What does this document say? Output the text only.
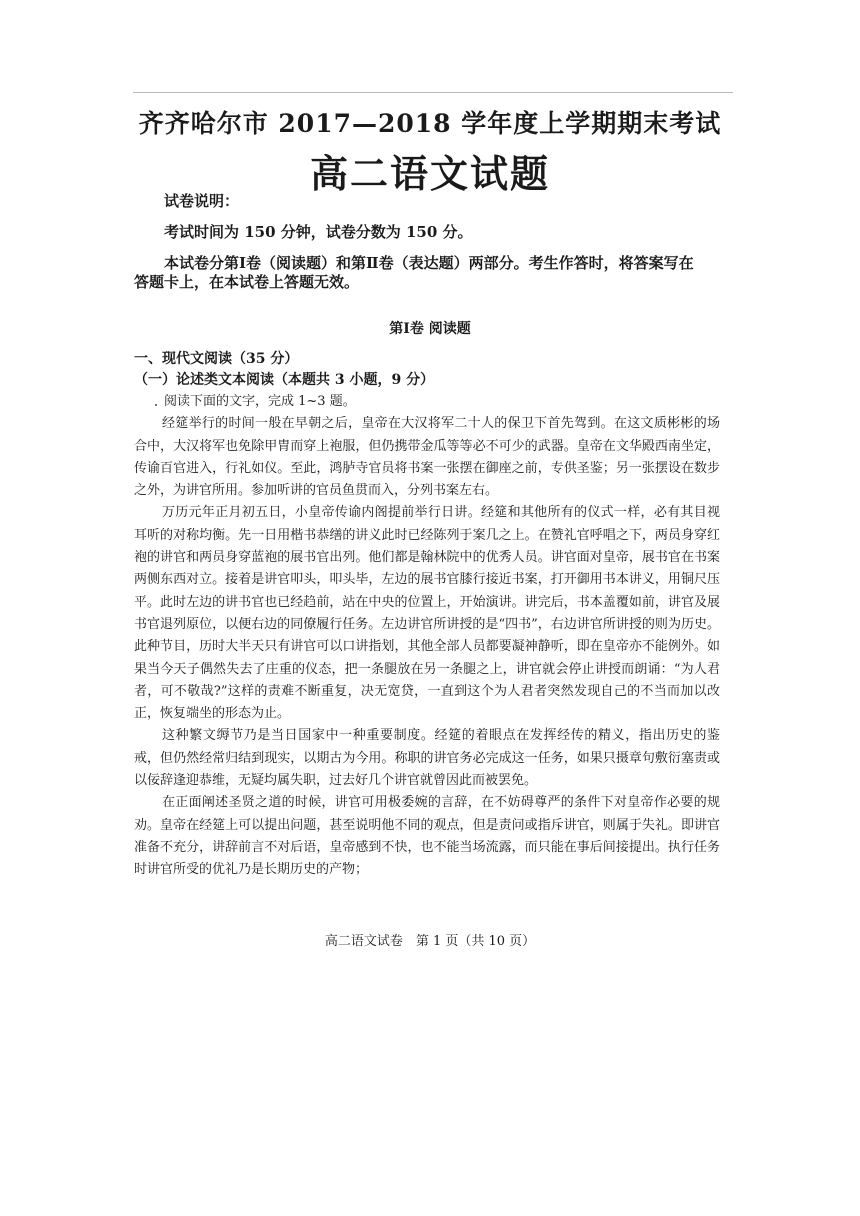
齐齐哈尔市 2017—2018 学年度上学期期末考试
高二语文试题

试卷说明：

考试时间为 150 分钟，试卷分数为 150 分。

本试卷分第Ⅰ卷（阅读题）和第Ⅱ卷（表达题）两部分。考生作答时，将答案写在

答题卡上，在本试卷上答题无效。

第Ⅰ卷 阅读题

一、现代文阅读（35 分）

（一）论述类文本阅读（本题共 3 小题，9 分）

阅读下面的文字，完成 1~3 题。

经筵举行的时间一般在早朝之后，皇帝在大汉将军二十人的保卫下首先驾到。在这文质彬彬的场合中，大汉将军也免除甲胄而穿上袍服，但仍携带金瓜等等必不可少的武器。皇帝在文华殿西南坐定，传谕百官进入，行礼如仪。至此，鸿胪寺官员将书案一张摆在御座之前，专供圣鉴；另一张摆设在数步之外，为讲官所用。参加听讲的官员鱼贯而入，分列书案左右。

万历元年正月初五日，小皇帝传谕内阁提前举行日讲。经筵和其他所有的仪式一样，必有其目视耳听的对称均衡。先一日用楷书恭缮的讲义此时已经陈列于案几之上。在赞礼官呼唱之下，两员身穿红袍的讲官和两员身穿蓝袍的展书官出列。他们都是翰林院中的优秀人员。讲官面对皇帝，展书官在书案两侧东西对立。接着是讲官叩头，叩头毕，左边的展书官膝行接近书案，打开御用书本讲义，用铜尺压平。此时左边的讲书官也已经趋前，站在中央的位置上，开始演讲。讲完后，书本盖覆如前，讲官及展书官退列原位，以便右边的同僚履行任务。左边讲官所讲授的是“四书”，右边讲官所讲授的则为历史。此种节目，历时大半天只有讲官可以口讲指划，其他全部人员都要凝神静听，即在皇帝亦不能例外。如果当今天子偶然失去了庄重的仪态，把一条腿放在另一条腿之上，讲官就会停止讲授而朗诵：“为人君者，可不敬哉?”这样的责难不断重复，决无宽贷，一直到这个为人君者突然发现自己的不当而加以改正，恢复端坐的形态为止。

这种繁文缛节乃是当日国家中一种重要制度。经筵的着眼点在发挥经传的精义，指出历史的鉴戒，但仍然经常归结到现实，以期古为今用。称职的讲官务必完成这一任务，如果只摄章句敷衍塞责或以佞辞逢迎恭维，无疑均属失职，过去好几个讲官就曾因此而被罢免。

在正面阐述圣贤之道的时候，讲官可用极委婉的言辞，在不妨碍尊严的条件下对皇帝作必要的规劝。皇帝在经筵上可以提出问题，甚至说明他不同的观点，但是责问或指斥讲官，则属于失礼。即讲官准备不充分，讲辞前言不对后语，皇帝感到不快，也不能当场流露，而只能在事后间接提出。执行任务时讲官所受的优礼乃是长期历史的产物；

高二语文试卷　第 1 页（共 10 页）
